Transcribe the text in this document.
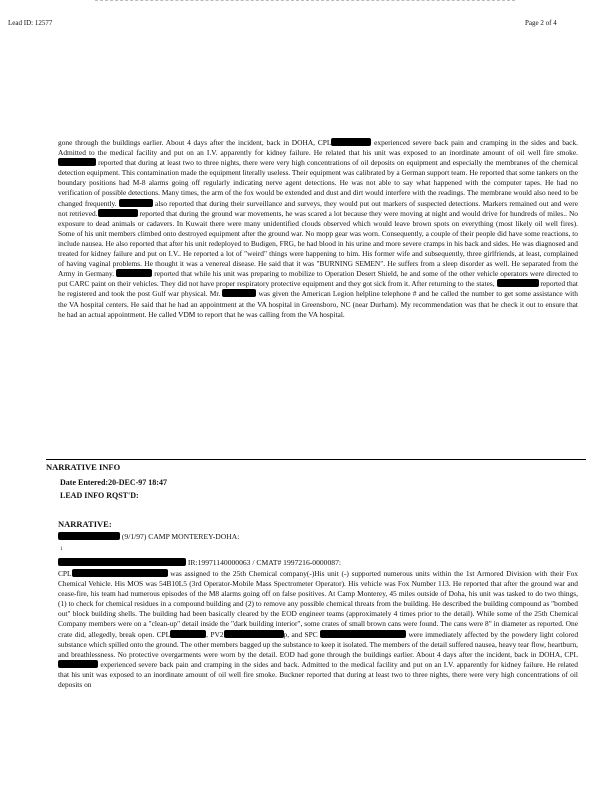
Lead ID: 12577	Page 2 of 4
gone through the buildings earlier. About 4 days after the incident, back in DOHA, CPL	experienced severe back pain and cramping in the sides and back. Admitted to the medical facility and put on an I.V. apparently for kidney failure. He related that his unit was exposed to an inordinate amount of oil well fire smoke.  reported that during at least two to three nights, there were very high concentrations of oil deposits on equipment and especially the membranes of the chemical detection equipment. This contamination made the equipment literally useless. Their equipment was calibrated by a German support team. He reported that some tankers on the boundary positions had M-8 alarms going off regularly indicating nerve agent detections. He was not able to say what happened with the computer tapes. He had no verification of possible detections. Many times, the arm of the fox would be extended and dust and dirt would interfere with the readings. The membrane would also need to be changed frequently.	also reported that during their surveillance and surveys, they would put out markers of suspected detections. Markers remained out and were not retrieved.	reported that during the ground war movements, he was scared a lot because they were moving at night and would drive for hundreds of miles.. No exposure to dead animals or cadavers. In Kuwait there were many unidentified clouds observed which would leave brown spots on everything (most likely oil well fires). Some of his unit members climbed onto destroyed equipment after the ground war. No mopp gear was worn. Consequently, a couple of their people did have some reactions, to include nausea. He also reported that after his unit redeployed to Budigen, FRG, he had blood in his urine and more severe cramps in his back and sides. He was diagnosed and treated for kidney failure and put on I.V.. He reported a lot of "weird" things were happening to him. His former wife and subsequently, three girlfriends, at least, complained of having vaginal problems. He thought it was a venereal disease. He said that it was "BURNING SEMEN". He suffers from a sleep disorder as well. He separated from the Army in Germany.	reported that while his unit was preparing to mobilize to Operation Desert Shield, he and some of the other vehicle operators were directed to put CARC paint on their vehicles. They did not have proper respiratory protective equipment and they got sick from it. After returning to the states,	reported that he registered and took the post Gulf war physical. Mr.	was given the American Legion helpline telephone # and he called the number to get some assistance with the VA hospital centers. He said that he had an appointment at the VA hospital in Greensboro, NC (near Durham). My recommendation was that he check it out to ensure that he had an actual appointment. He called VDM to report that he was calling from the VA hospital.
NARRATIVE INFO
Date Entered:20-DEC-97 18:47
LEAD INFO RQST'D:
NARRATIVE:
(9/1/97) CAMP MONTEREY-DOHA:
1
IR:19971140000063 / CMAT# 1997216-0000087:
CPL	was assigned to the 25th Chemical company(-)His unit (-) supported numerous units within the 1st Armored Division with their Fox Chemical Vehicle. His MOS was 54B10L5 (3rd Operator-Mobile Mass Spectrometer Operator). His vehicle was Fox Number 113. He reported that after the ground war and cease-fire, his team had numerous episodes of the M8 alarms going off on false positives. At Camp Monterey, 45 miles outside of Doha, his unit was tasked to do two things, (1) to check for chemical residues in a compound building and (2) to remove any possible chemical threats from the building. He described the building compound as "bombed out" block building shells. The building had been basically cleared by the EOD engineer teams (approximately 4 times prior to the detail). While some of the 25th Chemical Company members were on a "clean-up" detail inside the "dark building interior", some crates of small brown cans were found. The cans were 8" in diameter as reported. One crate did, allegedly, break open. CPL	, PV2	p, and SPC	were immediately affected by the powdery light colored substance which spilled onto the ground. The other members bagged up the substance to keep it isolated. The members of the detail suffered nausea, heavy tear flow, heartburn, and breathlessness. No protective overgarments were worn by the detail. EOD had gone through the buildings earlier. About 4 days after the incident, back in DOHA, CPL experienced severe back pain and cramping in the sides and back. Admitted to the medical facility and put on an I.V. apparently for kidney failure. He related that his unit was exposed to an inordinate amount of oil well fire smoke. Buckner reported that during at least two to three nights, there were very high concentrations of oil deposits on
